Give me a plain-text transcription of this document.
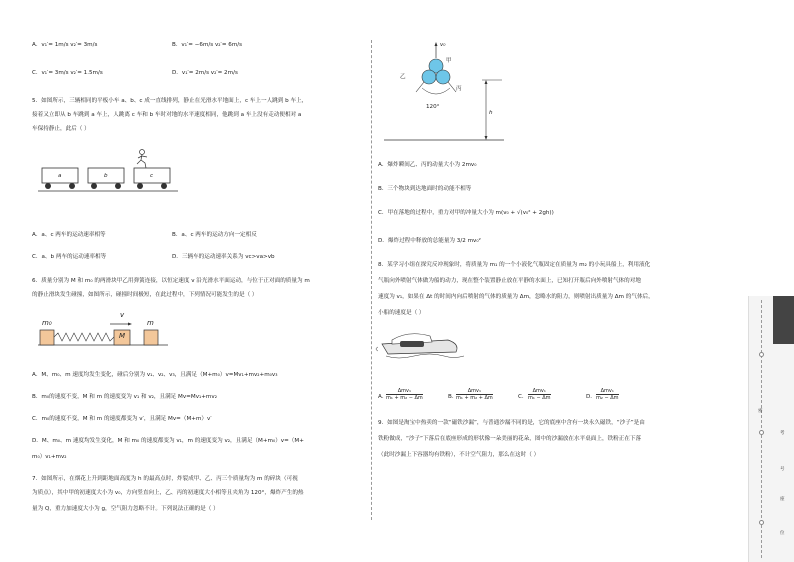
A．v₁′= 1m/s v₂′= 3m/s	B．v₁′= −6m/s v₂′= 6m/s
C．v₁′= 3m/s v₂′= 1.5m/s	D．v₁′= 2m/s v₂′= 2m/s
5．如图所示，三辆相同的平板小车 a、b、c 成一直线排列，静止在光滑水平地面上，c 车上一人跳到 b 车上，
接着又立即从 b 车跳到 a 车上，人跳离 c 车和 b 车时对地的水平速度相同，他跳到 a 车上没有走动便相对 a
车保持静止，此后（ ）
a	b	c
A．a、c 两车的运动速率相等	B．a、c 两车的运动方向一定相反
C．a、b 两车的运动速率相等	D．三辆车的运动速率关系为 vc>va>vb
6．质量分别为 M 和 m₀ 的两滑块甲乙用弹簧连接，以恒定速度 v 沿光滑水平面运动，与位于正对面的质量为 m
的静止滑块发生碰撞，如图所示，碰撞时间极短，在此过程中，下列情况可能发生的是（ ）
m₀
M
v
m
A．M、m₀、m 速度均发生变化，碰后分别为 v₁、v₂、v₃，且满足（M+m₀）v=Mv₁+mv₂+m₀v₃
B．m₀的速度不变，M 和 m 的速度变为 v₁ 和 v₂，且满足 Mv=Mv₁+mv₂
C．m₀的速度不变，M 和 m 的速度都变为 v′，且满足 Mv=（M+m）v′
D．M、m₀、m 速度均发生变化，M 和 m₀ 的速度都变为 v₁，m 的速度变为 v₂，且满足（M+m₀）v=（M+
m₀）v₁+mv₂
7．如图所示，在烟花上升到距地面高度为 h 的最高点时，炸裂成甲、乙、丙三个质量均为 m 的碎块（可视
为质点），其中甲的初速度大小为 v₀，方向竖直向上，乙、丙的初速度大小相等且夹角为 120°，爆炸产生的热
量为 Q，重力加速度大小为 g，空气阻力忽略不计。下列说法正确的是（ ）
v₀
甲
乙
丙
120°
h
A．爆炸瞬间乙、丙的动量大小为 2mv₀
B．三个物块到达地面时的动能不相等
C．甲在落地的过程中，重力对甲的冲量大小为 m(v₀ + √(v₀² + 2gh))
D．爆炸过程中释放的总能量为 3/2 mv₀²
8．某学习小组在探究反冲现象时，将质量为 m₁ 的一个小液化气瓶固定在质量为 m₂ 的小玩具船上，利用液化
气瓶向外喷射气体做为船的动力，现在整个装置静止放在平静的水面上，已知打开瓶后向外喷射气体的对地
速度为 v₁，如果在 Δt 的时间内向后喷射的气体的质量为 Δm，忽略水的阻力，则喷射出质量为 Δm 的气体后，
小船的速度是（ ）
A．
Δmv₁
m₁ + m₂ − Δm	B．
Δmv₁
m₁ + m₂ + Δm	C．
Δmv₁
m₁ − Δm	D．
Δmv₁
m₂ − Δm
9．如图是淘宝中热卖的一款“磁铁沙漏”，与普通沙漏不同的是，它的底座中含有一块永久磁铁，“沙子”是由
铁粉做成，“沙子”下落后在底座形成的形状像一朵美丽的花朵，图中的沙漏放在水平桌面上，铁粉正在下落
（此时沙漏上下容器均有铁粉），不计空气阻力，那么在这时（ ）
密
考
号
座
位
